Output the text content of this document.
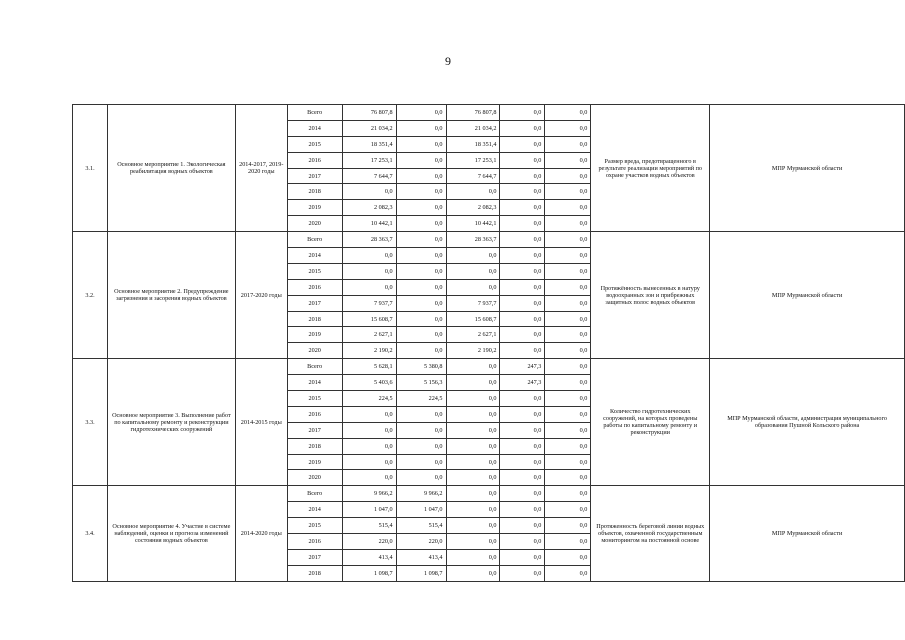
9
3.1.	Основное мероприятие 1. Экологическая реабилитация водных объектов	2014-2017, 2019-2020 годы	Всего	76 807,8	0,0	76 807,8	0,0	0,0	Размер вреда, предотвращенного в результате реализации мероприятий по охране участков водных объектов	МПР Мурманской области
			2014	21 034,2	0,0	21 034,2	0,0	0,0		
			2015	18 351,4	0,0	18 351,4	0,0	0,0		
			2016	17 253,1	0,0	17 253,1	0,0	0,0		
			2017	7 644,7	0,0	7 644,7	0,0	0,0		
			2018	0,0	0,0	0,0	0,0	0,0		
			2019	2 082,3	0,0	2 082,3	0,0	0,0		
			2020	10 442,1	0,0	10 442,1	0,0	0,0		
3.2.	Основное мероприятие 2. Предупреждение загрязнения и засорения водных объектов	2017-2020 годы	Всего	28 363,7	0,0	28 363,7	0,0	0,0	Протяжённость вынесенных в натуру водоохранных зон и прибрежных защитных полос водных объектов	МПР Мурманской области
			2014	0,0	0,0	0,0	0,0	0,0		
			2015	0,0	0,0	0,0	0,0	0,0		
			2016	0,0	0,0	0,0	0,0	0,0		
			2017	7 937,7	0,0	7 937,7	0,0	0,0		
			2018	15 608,7	0,0	15 608,7	0,0	0,0		
			2019	2 627,1	0,0	2 627,1	0,0	0,0		
			2020	2 190,2	0,0	2 190,2	0,0	0,0		
3.3.	Основное мероприятие 3. Выполнение работ по капитальному ремонту и реконструкции гидротехнических сооружений	2014-2015 годы	Всего	5 628,1	5 380,8	0,0	247,3	0,0	Количество гидротехнических сооружений, на которых проведены работы по капитальному ремонту и реконструкции	МПР Мурманской области, администрация муниципального образования Пушной Кольского района
			2014	5 403,6	5 156,3	0,0	247,3	0,0		
			2015	224,5	224,5	0,0	0,0	0,0		
			2016	0,0	0,0	0,0	0,0	0,0		
			2017	0,0	0,0	0,0	0,0	0,0		
			2018	0,0	0,0	0,0	0,0	0,0		
			2019	0,0	0,0	0,0	0,0	0,0		
			2020	0,0	0,0	0,0	0,0	0,0		
3.4.	Основное мероприятие 4. Участие в системе наблюдений, оценки и прогноза изменений состояния водных объектов	2014-2020 годы	Всего	9 966,2	9 966,2	0,0	0,0	0,0	Протяженность береговой линии водных объектов, охваченной государственным мониторингом на постоянной основе	МПР Мурманской области
			2014	1 047,0	1 047,0	0,0	0,0	0,0		
			2015	515,4	515,4	0,0	0,0	0,0		
			2016	220,0	220,0	0,0	0,0	0,0		
			2017	413,4	413,4	0,0	0,0	0,0		
			2018	1 098,7	1 098,7	0,0	0,0	0,0		
